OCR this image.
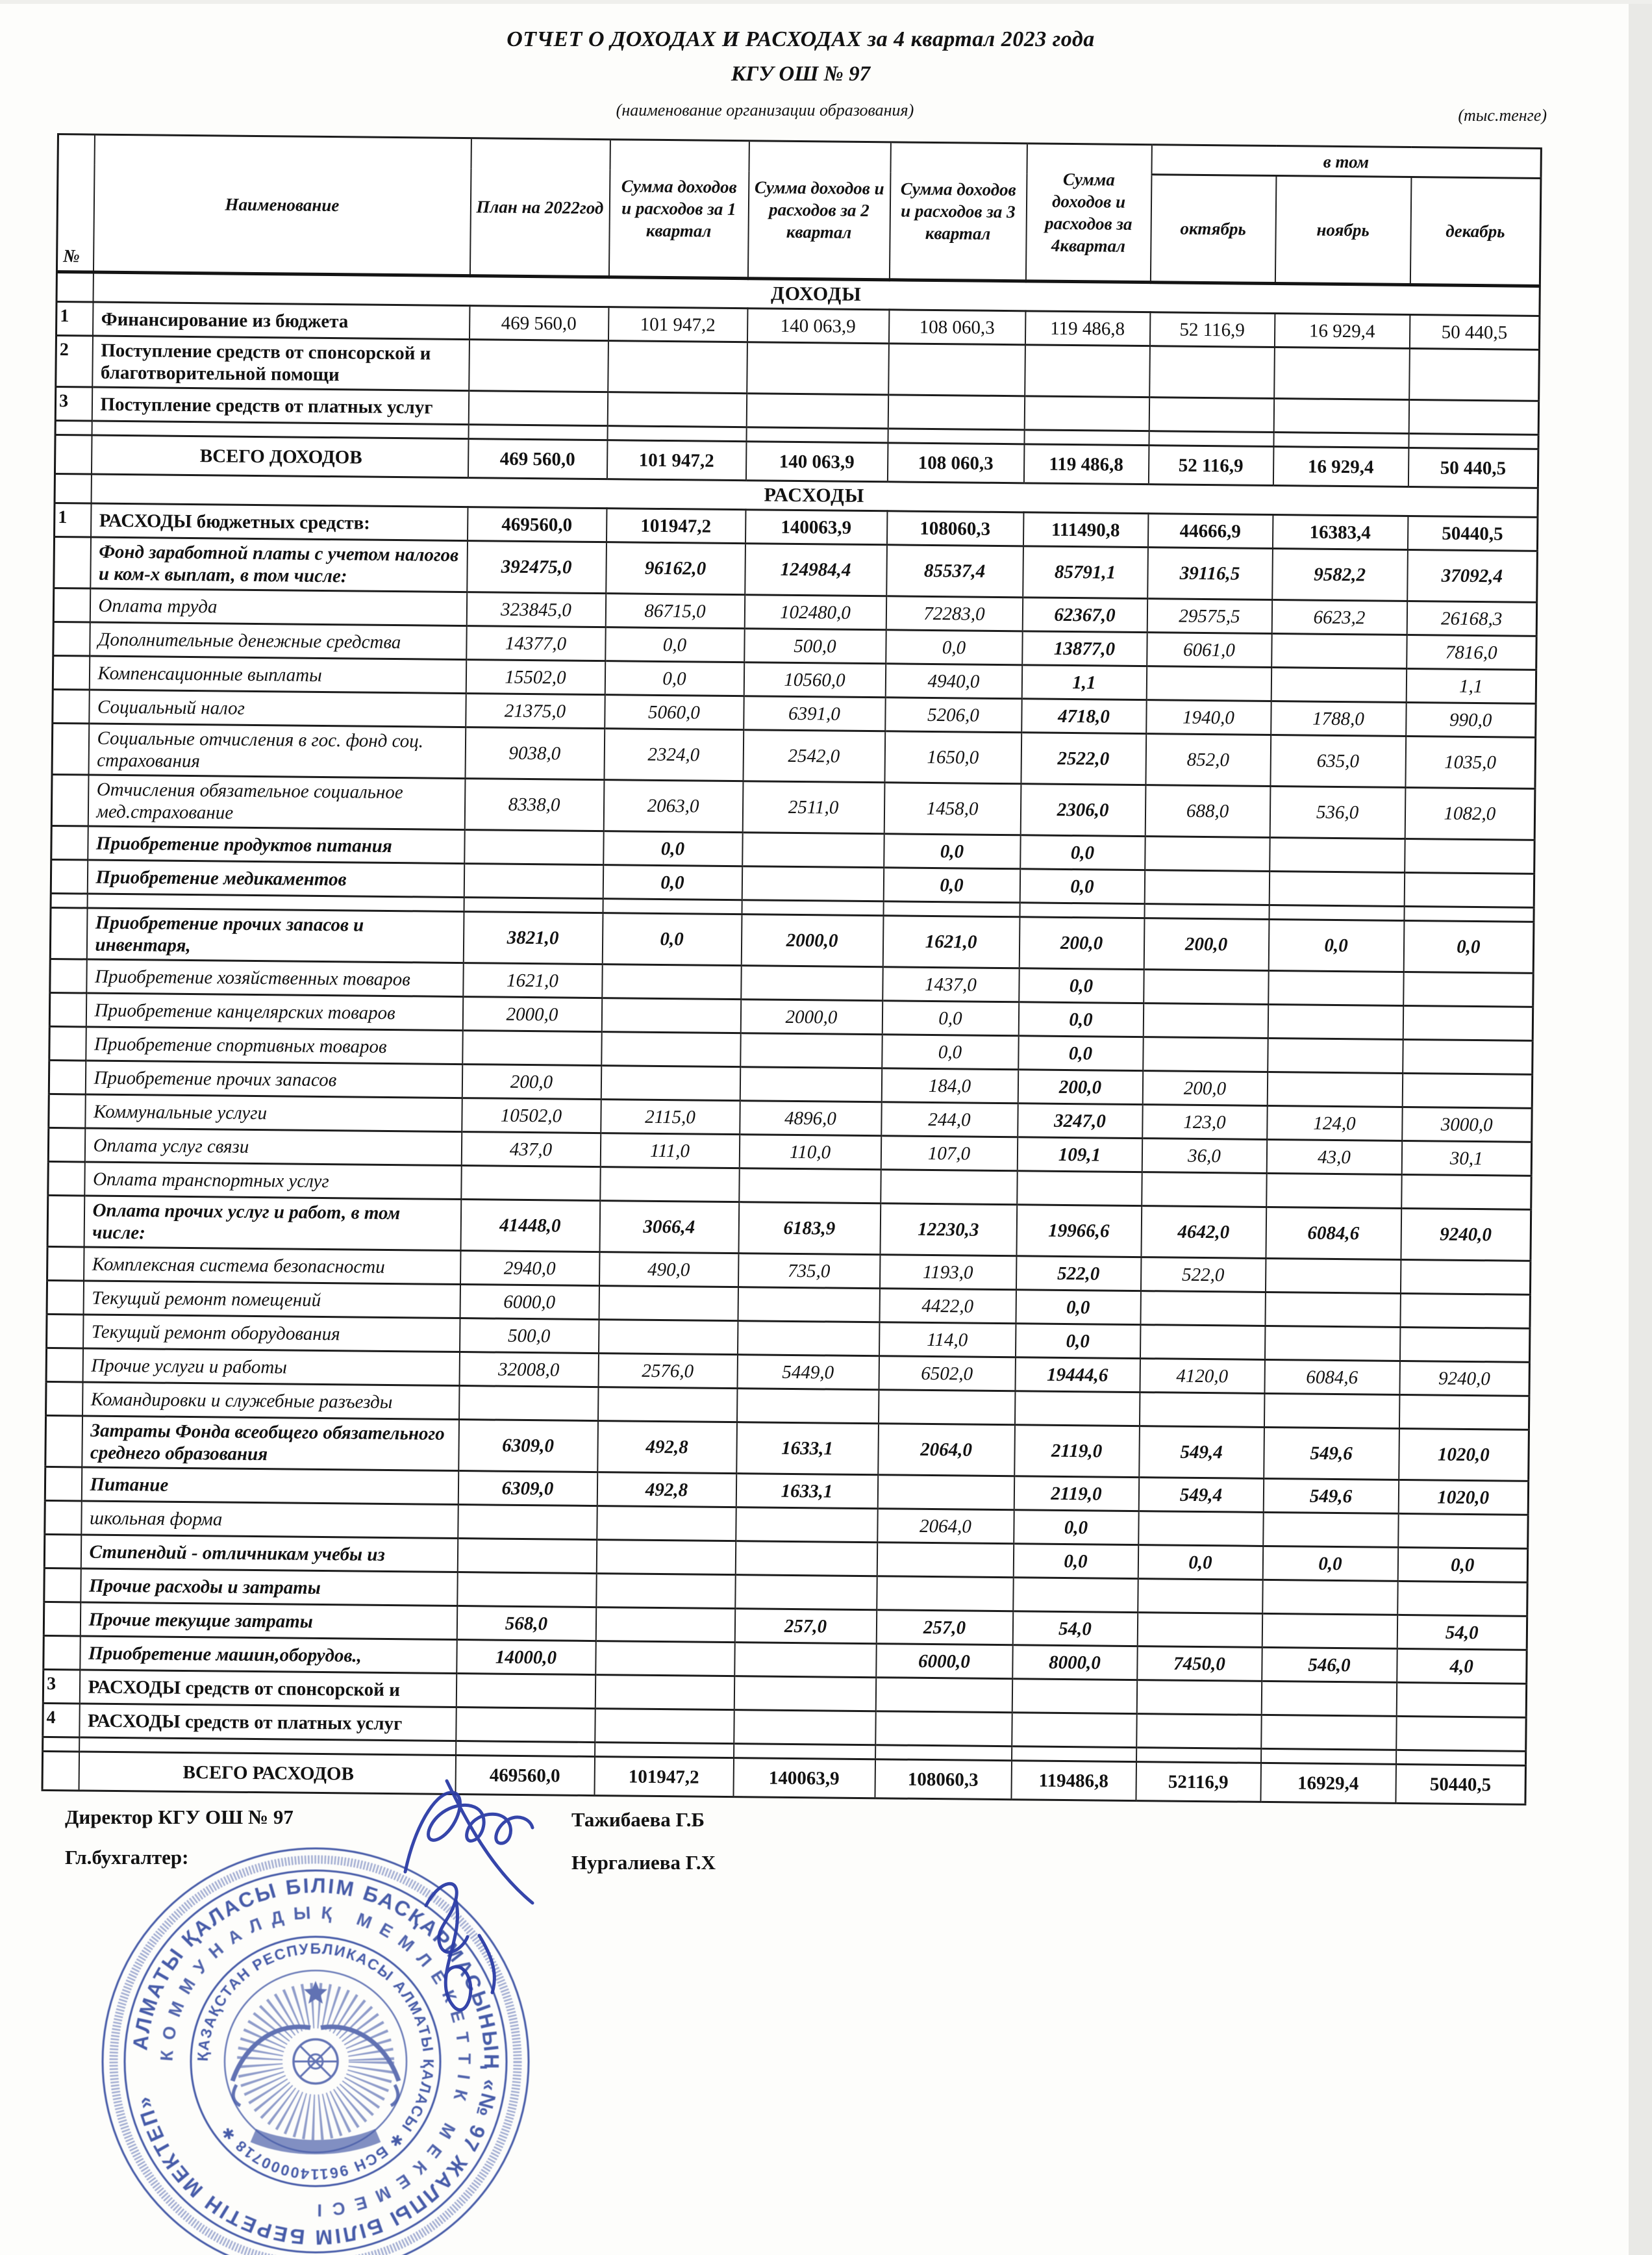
ОТЧЕТ О ДОХОДАХ И РАСХОДАХ за 4 квартал 2023 года
КГУ ОШ № 97
(наименование организации образования)	(тыс.тенге)
№	Наименование	План на 2022год	Сумма доходов и расходов за 1 квартал	Сумма доходов и расходов за 2 квартал	Сумма доходов и расходов за 3 квартал	Сумма доходов и расходов за 4квартал	в том		
							октябрь	ноябрь	декабрь
	ДОХОДЫ								
1	Финансирование из бюджета	469 560,0	101 947,2	140 063,9	108 060,3	119 486,8	52 116,9	16 929,4	50 440,5
2	Поступление средств от спонсорской и благотворительной помощи								
3	Поступление средств от платных услуг								

	ВСЕГО ДОХОДОВ	469 560,0	101 947,2	140 063,9	108 060,3	119 486,8	52 116,9	16 929,4	50 440,5
	РАСХОДЫ								
1	РАСХОДЫ бюджетных средств:	469560,0	101947,2	140063,9	108060,3	111490,8	44666,9	16383,4	50440,5
	Фонд заработной платы с учетом налогов и ком-х выплат, в том числе:	392475,0	96162,0	124984,4	85537,4	85791,1	39116,5	9582,2	37092,4
	Оплата труда	323845,0	86715,0	102480,0	72283,0	62367,0	29575,5	6623,2	26168,3
	Дополнительные денежные средства	14377,0	0,0	500,0	0,0	13877,0	6061,0		7816,0
	Компенсационные выплаты	15502,0	0,0	10560,0	4940,0	1,1			1,1
	Социальный налог	21375,0	5060,0	6391,0	5206,0	4718,0	1940,0	1788,0	990,0
	Социальные отчисления в гос. фонд соц. страхования	9038,0	2324,0	2542,0	1650,0	2522,0	852,0	635,0	1035,0
	Отчисления обязательное социальное мед.страхование	8338,0	2063,0	2511,0	1458,0	2306,0	688,0	536,0	1082,0
	Приобретение продуктов питания		0,0		0,0	0,0			
	Приобретение медикаментов		0,0		0,0	0,0			

	Приобретение прочих запасов и инвентаря,	3821,0	0,0	2000,0	1621,0	200,0	200,0	0,0	0,0
	Приобретение хозяйственных товаров	1621,0			1437,0	0,0			
	Приобретение канцелярских товаров	2000,0		2000,0	0,0	0,0			
	Приобретение спортивных товаров				0,0	0,0			
	Приобретение прочих запасов	200,0			184,0	200,0	200,0		
	Коммунальные услуги	10502,0	2115,0	4896,0	244,0	3247,0	123,0	124,0	3000,0
	Оплата услуг связи	437,0	111,0	110,0	107,0	109,1	36,0	43,0	30,1
	Оплата транспортных услуг								
	Оплата прочих услуг и работ, в том числе:	41448,0	3066,4	6183,9	12230,3	19966,6	4642,0	6084,6	9240,0
	Комплексная система безопасности	2940,0	490,0	735,0	1193,0	522,0	522,0		
	Текущий ремонт помещений	6000,0			4422,0	0,0			
	Текущий ремонт оборудования	500,0			114,0	0,0			
	Прочие услуги и работы	32008,0	2576,0	5449,0	6502,0	19444,6	4120,0	6084,6	9240,0
	Командировки и служебные разъезды								
	Затраты Фонда всеобщего обязательного среднего образования	6309,0	492,8	1633,1	2064,0	2119,0	549,4	549,6	1020,0
	Питание	6309,0	492,8	1633,1		2119,0	549,4	549,6	1020,0
	школьная форма				2064,0	0,0			
	Стипендий - отличникам учебы из					0,0	0,0	0,0	0,0
	Прочие расходы и затраты								
	Прочие текущие затраты	568,0		257,0	257,0	54,0			54,0
	Приобретение машин,оборудов.,	14000,0			6000,0	8000,0	7450,0	546,0	4,0
3	РАСХОДЫ средств от спонсорской и								
4	РАСХОДЫ средств от платных услуг								

	ВСЕГО РАСХОДОВ	469560,0	101947,2	140063,9	108060,3	119486,8	52116,9	16929,4	50440,5
Директор КГУ ОШ № 97
Гл.бухгалтер:
Тажибаева Г.Б
Нургалиева Г.Х
АЛМАТЫ ҚАЛАСЫ БІЛІМ БАСҚАРМАСЫНЫҢ «№ 97 ЖАЛПЫ БІЛІМ БЕРЕТІН МЕКТЕП»
КОММУНАЛДЫҚ МЕМЛЕКЕТТІК МЕКЕМЕСІ
ҚАЗАҚСТАН РЕСПУБЛИКАСЫ АЛМАТЫ ҚАЛАСЫ ✱ БСН 961140000718 ✱
